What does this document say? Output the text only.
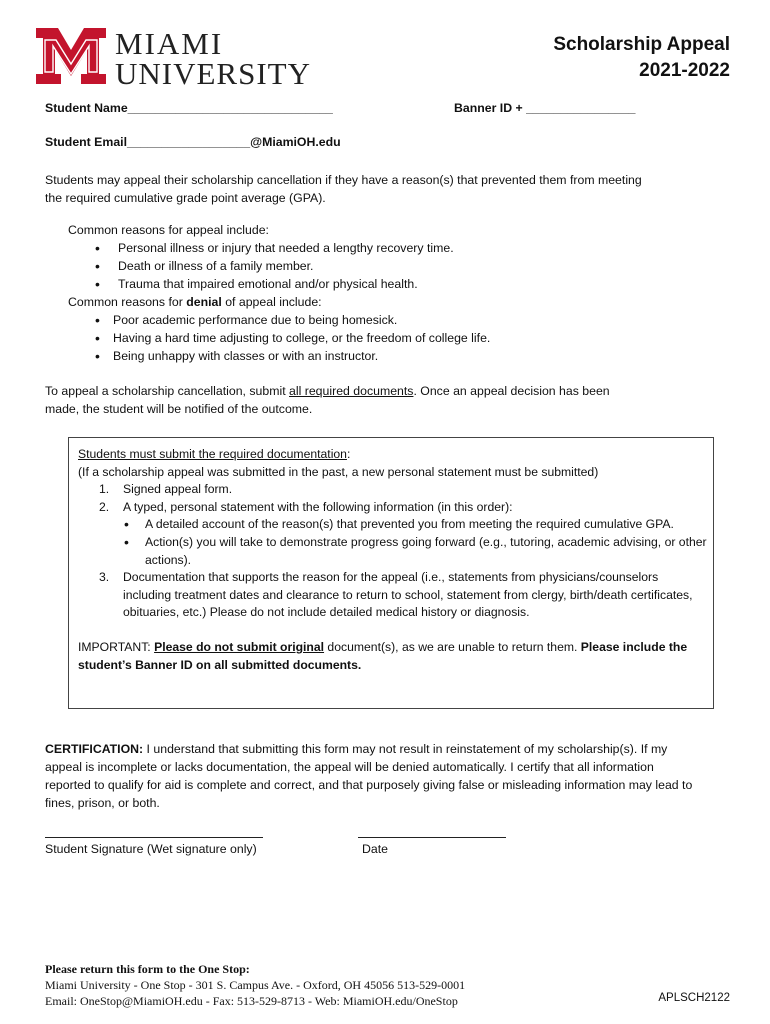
MIAMI
UNIVERSITY
Scholarship Appeal
2021-2022
Student Name______________________________	Banner ID + ________________
Student Email__________________@MiamiOH.edu

Students may appeal their scholarship cancellation if they have a reason(s) that prevented them from meeting the required cumulative grade point average (GPA).

Common reasons for appeal include:
• Personal illness or injury that needed a lengthy recovery time.
• Death or illness of a family member.
• Trauma that impaired emotional and/or physical health.
Common reasons for denial of appeal include:
• Poor academic performance due to being homesick.
• Having a hard time adjusting to college, or the freedom of college life.
• Being unhappy with classes or with an instructor.

To appeal a scholarship cancellation, submit all required documents. Once an appeal decision has been made, the student will be notified of the outcome.

Students must submit the required documentation:
(If a scholarship appeal was submitted in the past, a new personal statement must be submitted)
1. Signed appeal form.
2. A typed, personal statement with the following information (in this order):
• A detailed account of the reason(s) that prevented you from meeting the required cumulative GPA.
• Action(s) you will take to demonstrate progress going forward (e.g., tutoring, academic advising, or other actions).
3. Documentation that supports the reason for the appeal (i.e., statements from physicians/counselors including treatment dates and clearance to return to school, statement from clergy, birth/death certificates, obituaries, etc.) Please do not include detailed medical history or diagnosis.
IMPORTANT: Please do not submit original document(s), as we are unable to return them. Please include the student’s Banner ID on all submitted documents.

CERTIFICATION: I understand that submitting this form may not result in reinstatement of my scholarship(s). If my appeal is incomplete or lacks documentation, the appeal will be denied automatically. I certify that all information reported to qualify for aid is complete and correct, and that purposely giving false or misleading information may lead to fines, prison, or both.

Student Signature (Wet signature only)	Date
Please return this form to the One Stop:
Miami University - One Stop - 301 S. Campus Ave. - Oxford, OH 45056 513-529-0001
Email: OneStop@MiamiOH.edu - Fax: 513-529-8713 - Web: MiamiOH.edu/OneStop	APLSCH2122
